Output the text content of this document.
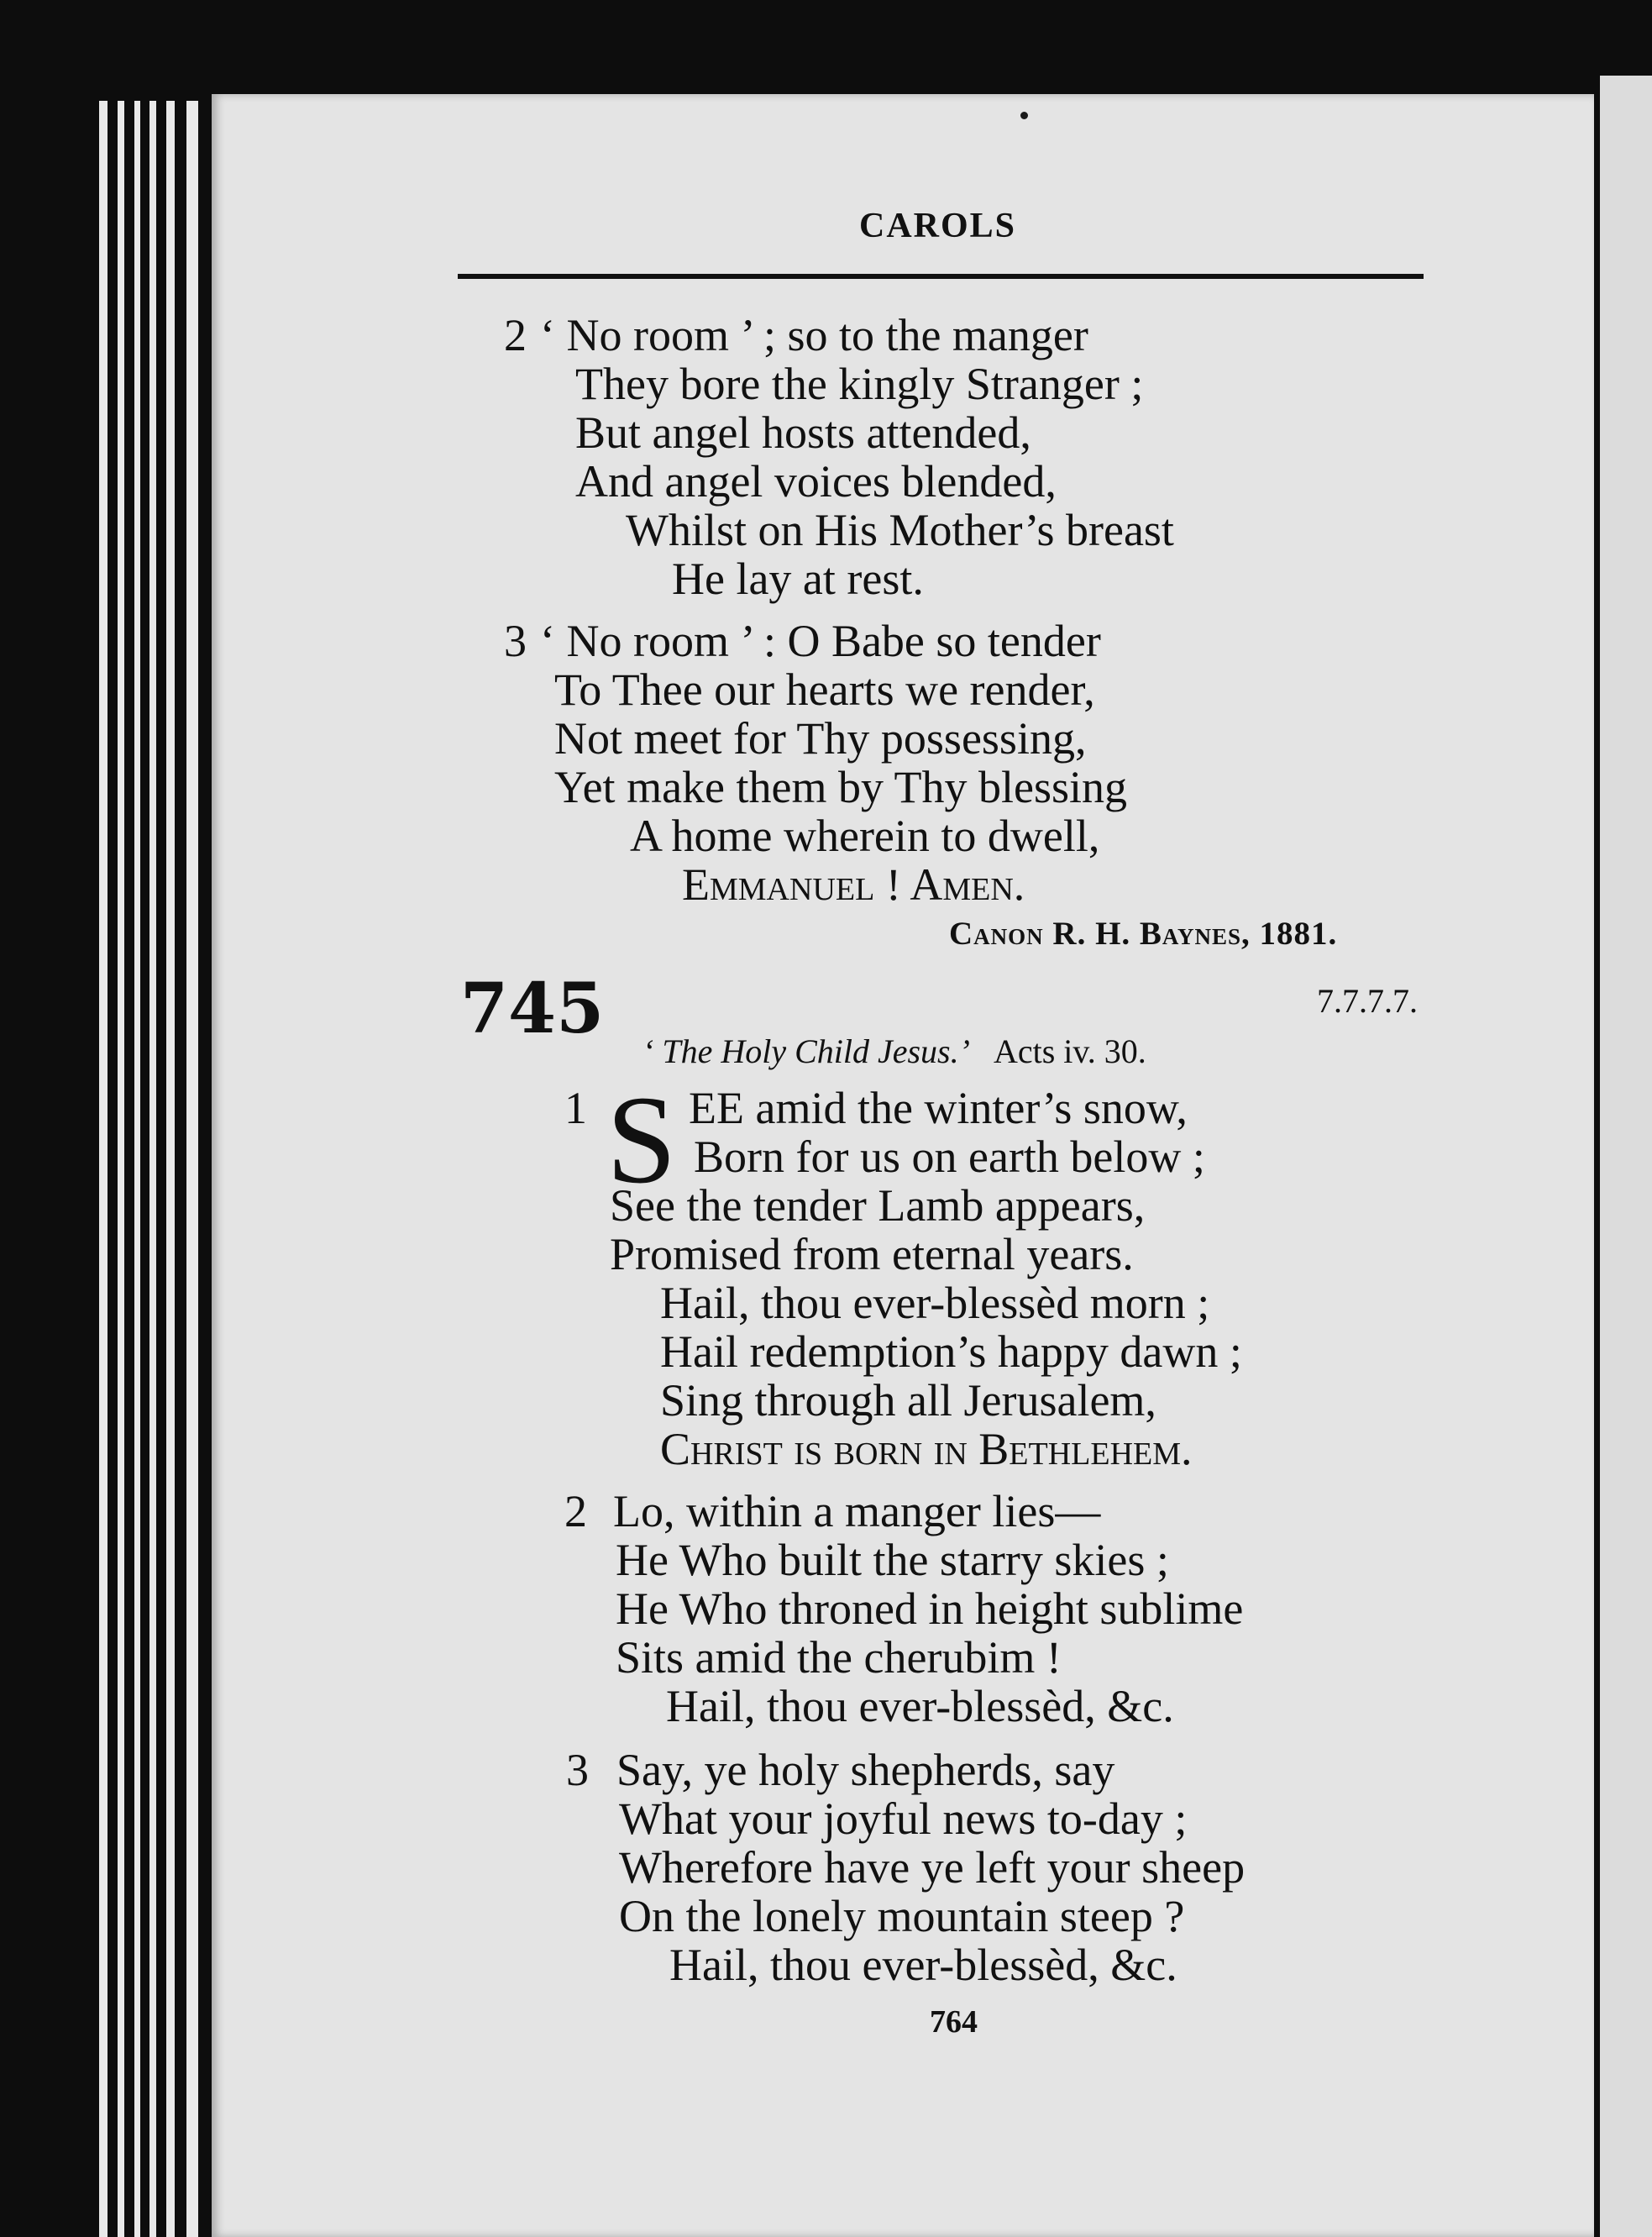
CAROLS
2 ‘ No room ’ ; so to the manger
They bore the kingly Stranger ;
But angel hosts attended,
And angel voices blended,
Whilst on His Mother’s breast
He lay at rest.
3 ‘ No room ’ : O Babe so tender
To Thee our hearts we render,
Not meet for Thy possessing,
Yet make them by Thy blessing
A home wherein to dwell,
Emmanuel ! Amen.
Canon R. H. Baynes, 1881.
745	7.7.7.7.
‘ The Holy Child Jesus.’ Acts iv. 30.
1 S EE amid the winter’s snow,
Born for us on earth below ;
See the tender Lamb appears,
Promised from eternal years.
Hail, thou ever-blessèd morn ;
Hail redemption’s happy dawn ;
Sing through all Jerusalem,
Christ is born in Bethlehem.
2 Lo, within a manger lies—
He Who built the starry skies ;
He Who throned in height sublime
Sits amid the cherubim !
Hail, thou ever-blessèd, &c.
3 Say, ye holy shepherds, say
What your joyful news to-day ;
Wherefore have ye left your sheep
On the lonely mountain steep ?
Hail, thou ever-blessèd, &c.
764
